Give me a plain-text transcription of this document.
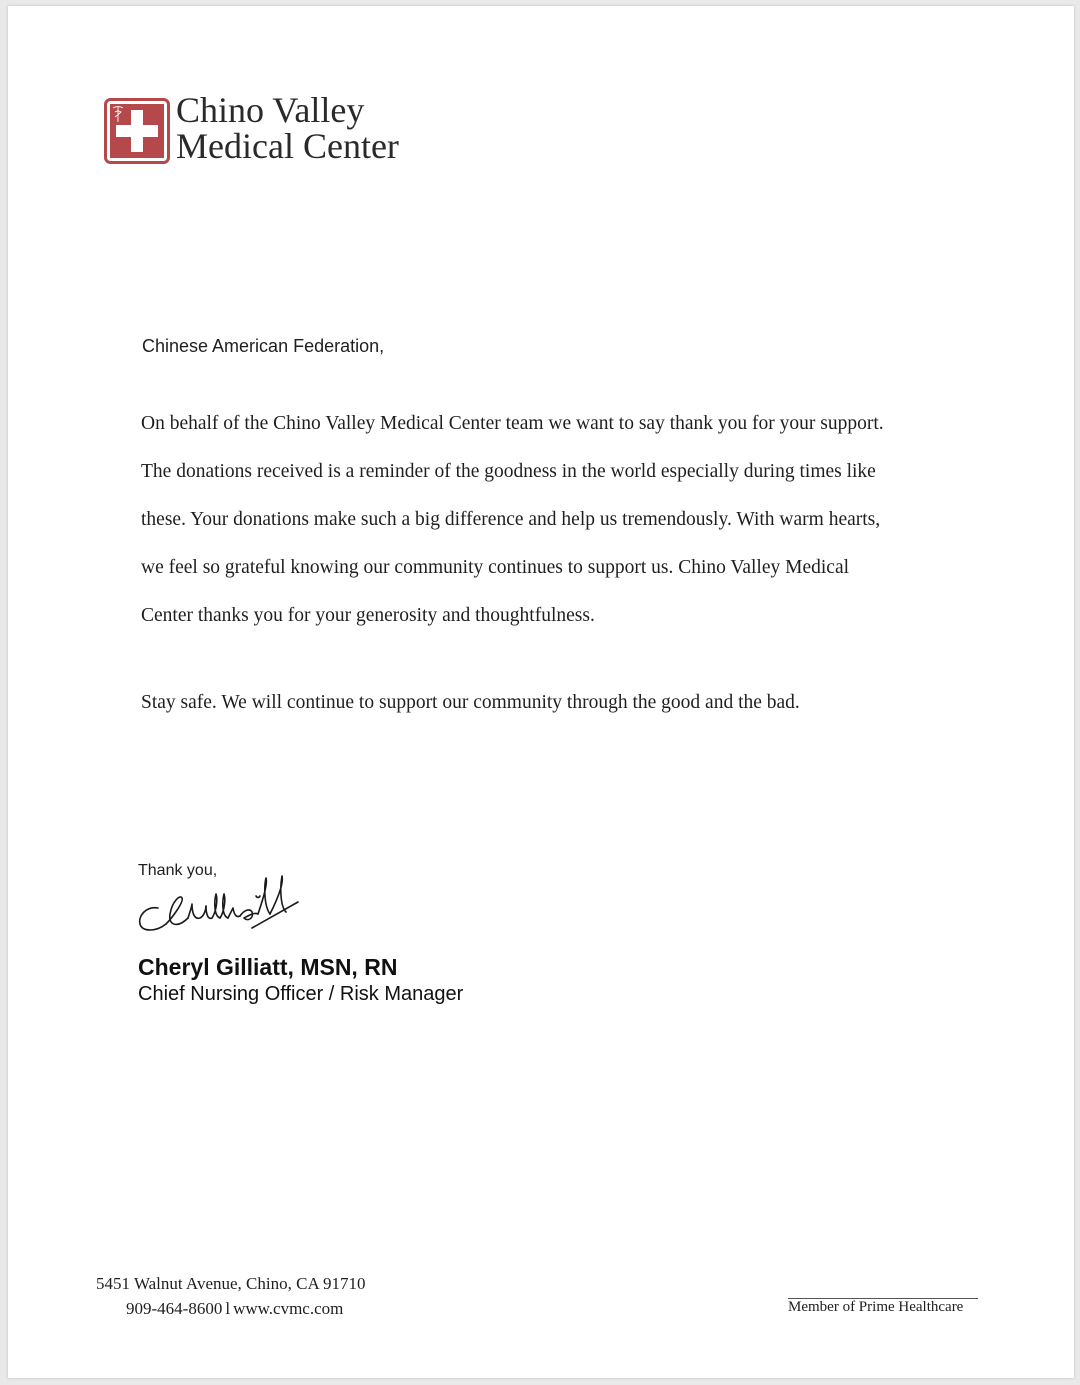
Chino Valley
Medical Center
Chinese American Federation,
On behalf of the Chino Valley Medical Center team we want to say thank you for your support.
The donations received is a reminder of the goodness in the world especially during times like
these. Your donations make such a big difference and help us tremendously. With warm hearts,
we feel so grateful knowing our community continues to support us. Chino Valley Medical
Center thanks you for your generosity and thoughtfulness.
Stay safe. We will continue to support our community through the good and the bad.
Thank you,
Cheryl Gilliatt, MSN, RN
Chief Nursing Officer / Risk Manager
5451 Walnut Avenue, Chino, CA 91710
909-464-8600 l www.cvmc.com	Member of Prime Healthcare
